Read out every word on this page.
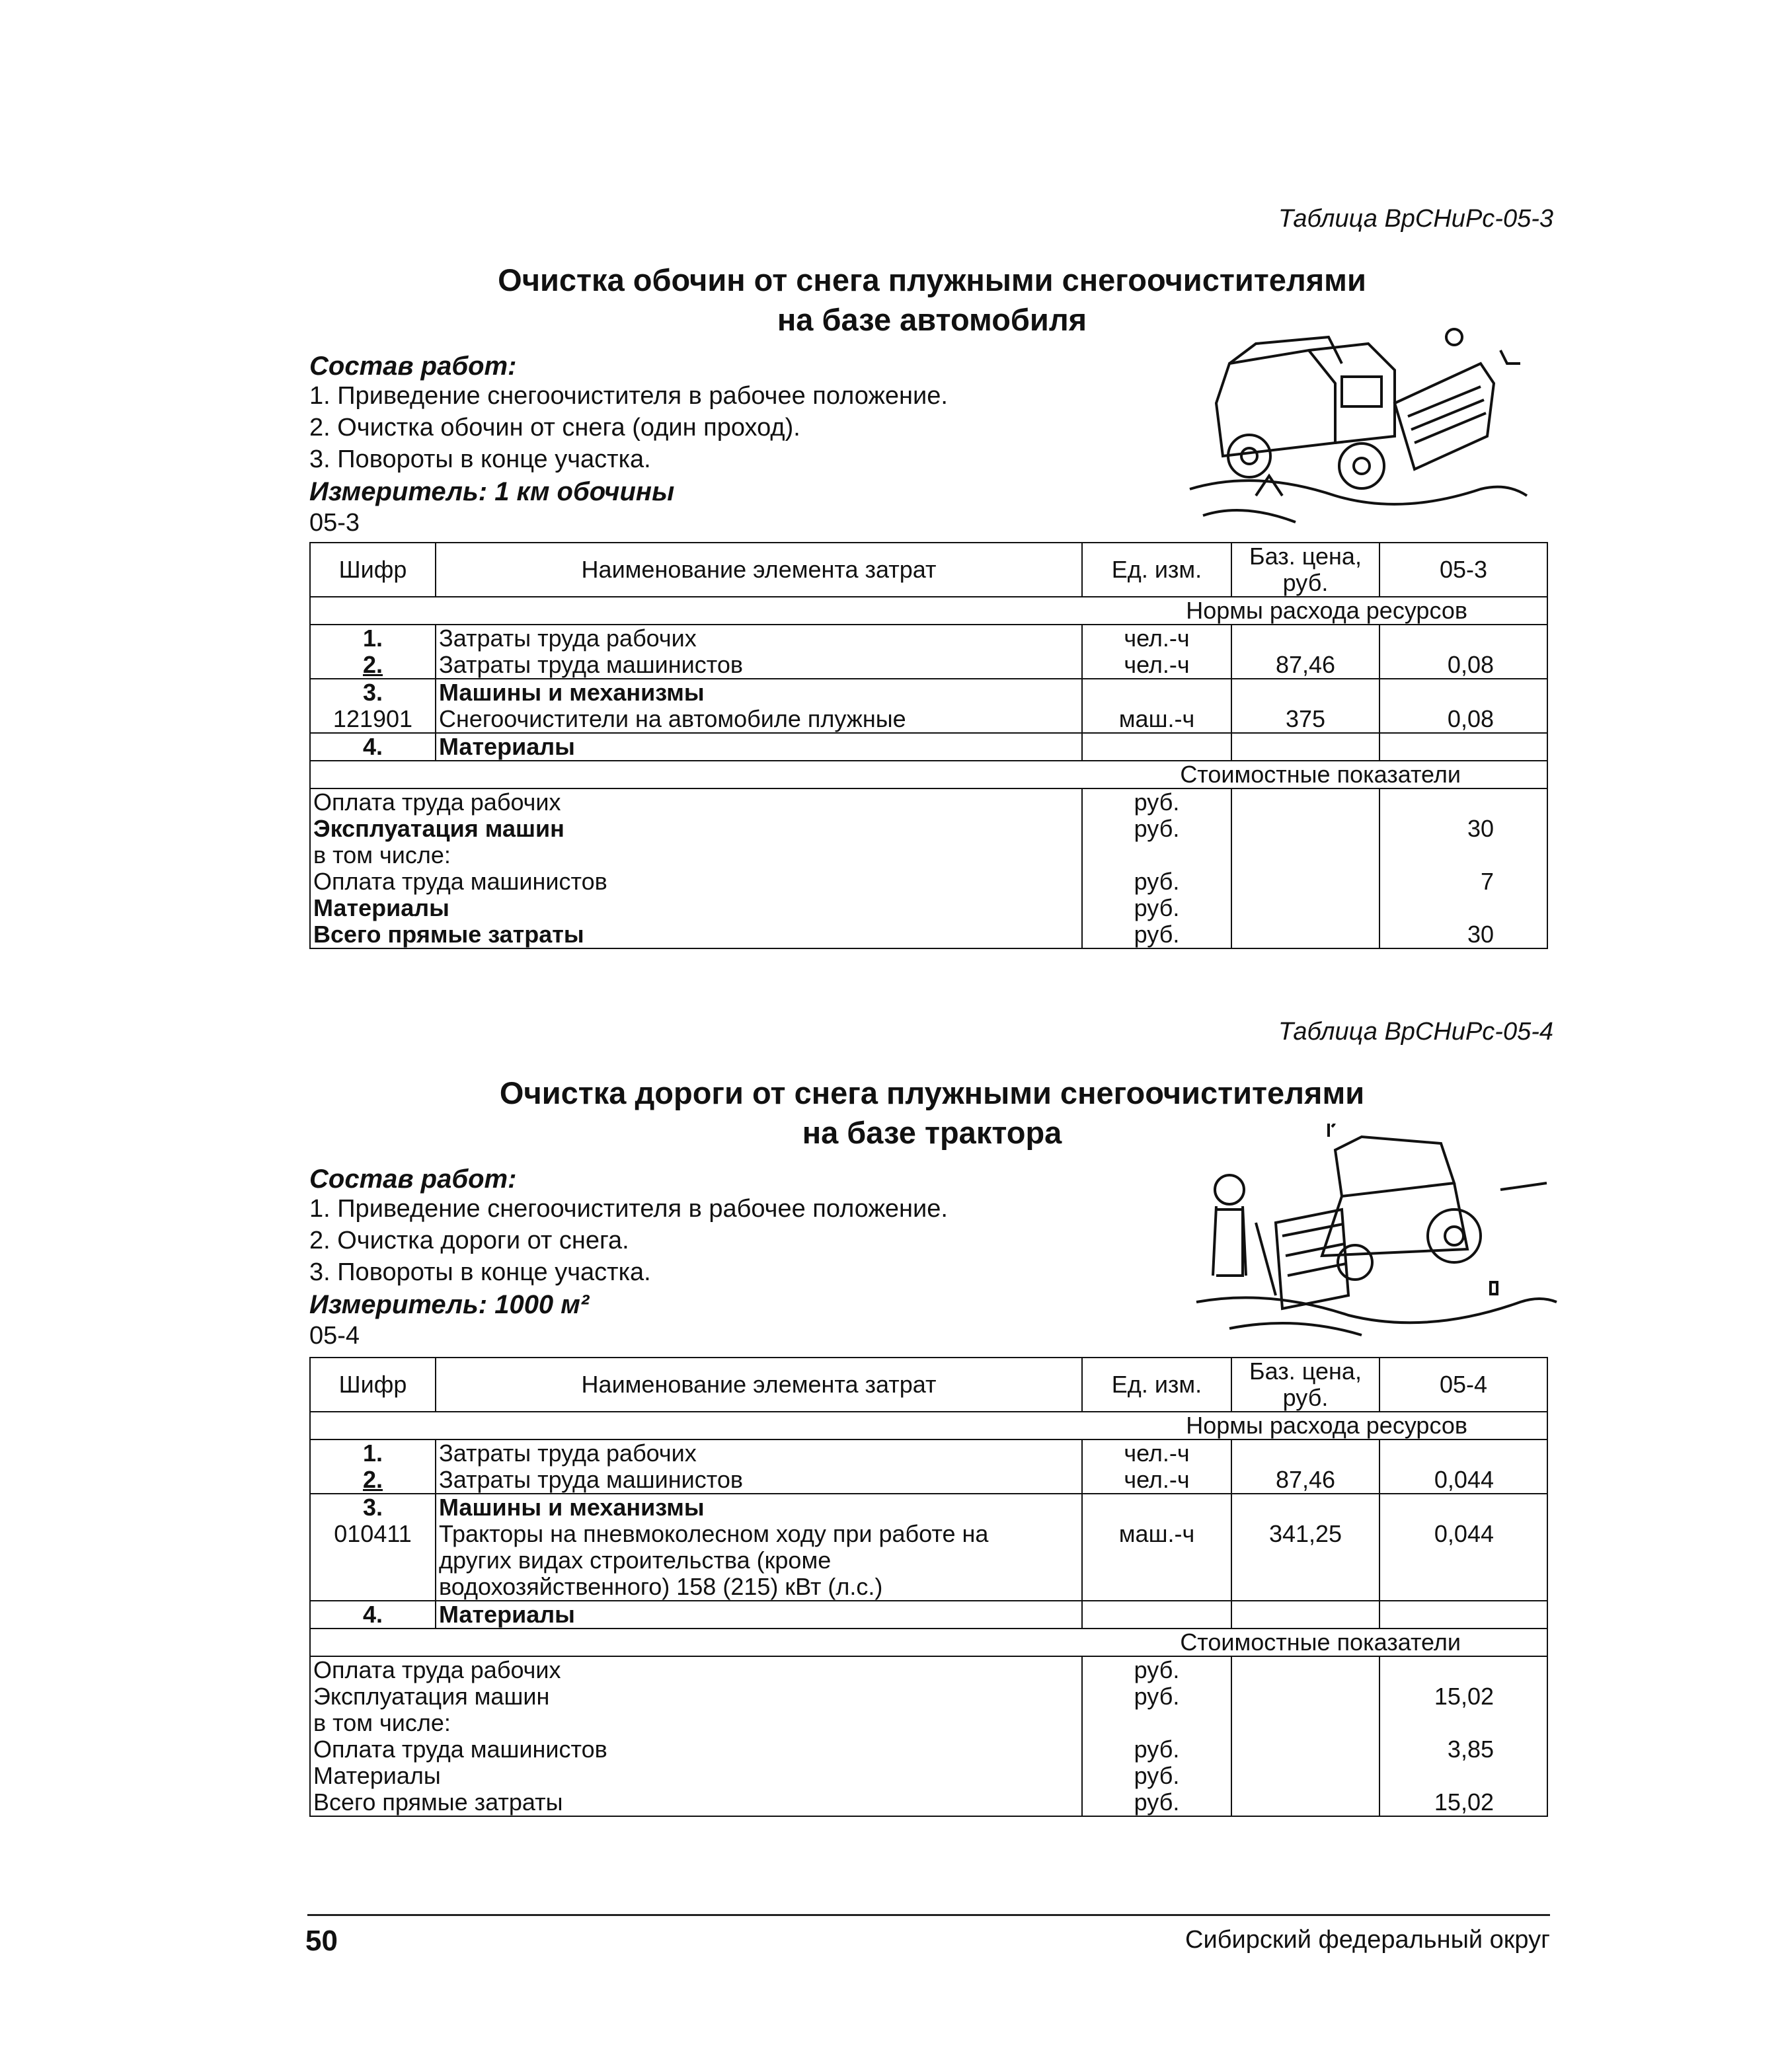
Таблица ВрСНиРс-05-3
Очистка обочин от снега плужными снегоочистителями
на базе автомобиля
Состав работ:
1. Приведение снегоочистителя в рабочее положение.
2. Очистка обочин от снега (один проход).
3. Повороты в конце участка.
Измеритель: 1 км обочины
05-3
Шифр	Наименование элемента затрат	Ед. изм.	Баз. цена, руб.	05-3
Нормы расхода ресурсов				
1.	Затраты труда рабочих	чел.-ч		
2.	Затраты труда машинистов	чел.-ч	87,46	0,08
3.	Машины и механизмы			
121901	Снегоочистители на автомобиле плужные	маш.-ч	375	0,08
4.	Материалы			
Стоимостные показатели				
Оплата труда рабочих		руб.		
Эксплуатация машин		руб.		30
в том числе:				
Оплата труда машинистов		руб.		7
Материалы		руб.		
Всего прямые затраты		руб.		30
Таблица ВрСНиРс-05-4
Очистка дороги от снега плужными снегоочистителями
на базе трактора
Состав работ:
1. Приведение снегоочистителя в рабочее положение.
2. Очистка дороги от снега.
3. Повороты в конце участка.
Измеритель: 1000 м²
05-4
Шифр	Наименование элемента затрат	Ед. изм.	Баз. цена, руб.	05-4
Нормы расхода ресурсов				
1.	Затраты труда рабочих	чел.-ч		
2.	Затраты труда машинистов	чел.-ч	87,46	0,044
3.	Машины и механизмы			
010411	Тракторы на пневмоколесном ходу при работе на других видах строительства (кроме водохозяйственного) 158 (215) кВт (л.с.)	маш.-ч	341,25	0,044
4.	Материалы			
Стоимостные показатели				
Оплата труда рабочих		руб.		
Эксплуатация машин		руб.		15,02
в том числе:				
Оплата труда машинистов		руб.		3,85
Материалы		руб.		
Всего прямые затраты		руб.		15,02
50	Сибирский федеральный округ
